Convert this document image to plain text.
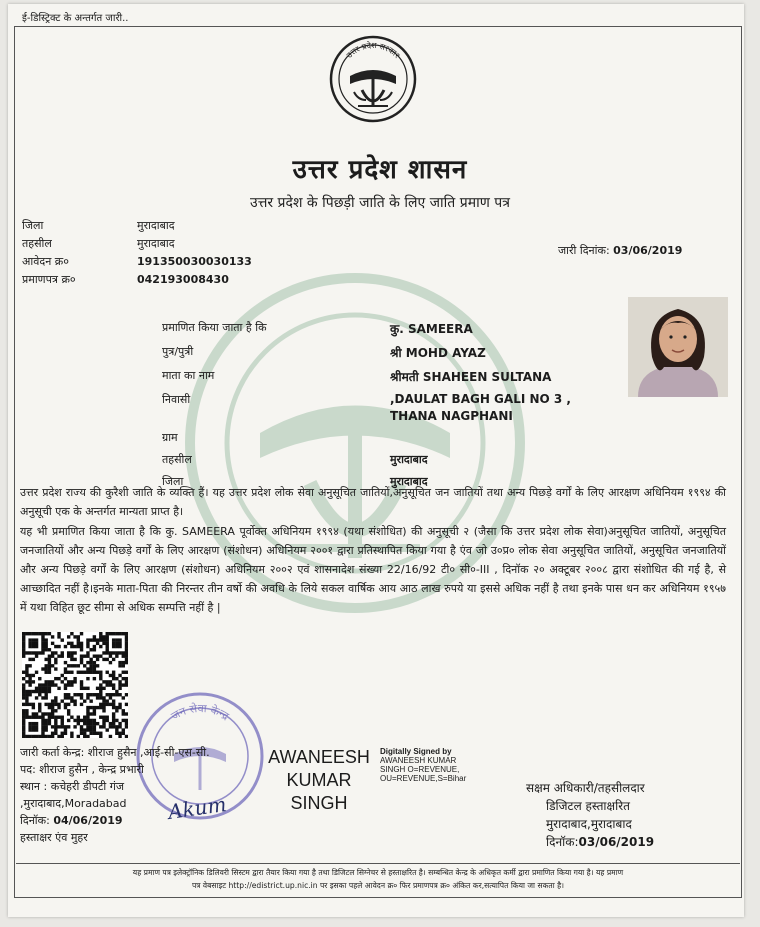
ई-डिस्ट्रिक्ट के अन्तर्गत जारी..
उत्तर प्रदेश सरकार
उत्तर प्रदेश शासन
उत्तर प्रदेश के पिछड़ी जाति के लिए जाति प्रमाण पत्र
जिला	मुरादाबाद
तहसील	मुरादाबाद
आवेदन क्र०	191350030030133
प्रमाणपत्र क्र०	042193008430
जारी दिनांक: 03/06/2019
प्रमाणित किया जाता है कि	कु. SAMEERA
पुत्र/पुत्री	श्री MOHD AYAZ
माता का नाम	श्रीमती SHAHEEN SULTANA
निवासी	,DAULAT BAGH GALI NO 3 ,
THANA NAGPHANI
ग्राम
तहसील	मुरादाबाद
जिला	मुरादाबाद
उत्तर प्रदेश राज्य की कुरैशी जाति के व्यक्ति हैं। यह उत्तर प्रदेश लोक सेवा अनुसूचित जातियों,अनुसूचित जन जातियों तथा अन्य पिछड़े वर्गों के लिए आरक्षण अधिनियम १९९४ की अनुसूची एक के अन्तर्गत मान्यता प्राप्त है।
यह भी प्रमाणित किया जाता है कि कु. SAMEERA पूर्वोक्त अधिनियम १९९४ (यथा संशोधित) की अनुसूची २ (जैसा कि उत्तर प्रदेश लोक सेवा)अनुसूचित जातियों, अनुसूचित जनजातियों और अन्य पिछड़े वर्गों के लिए आरक्षण (संशोधन) अधिनियम २००१ द्वारा प्रतिस्थापित किया गया है एंव जो उ०प्र० लोक सेवा अनुसूचित जातियों, अनुसूचित जनजातियों और अन्य पिछड़े वर्गों के लिए आरक्षण (संशोधन) अधिनियम २००२ एवं शासनादेश संख्या 22/16/92 टी० सी०-III , दिनॉक २० अक्टूबर २००८ द्वारा संशोधित की गई है, से आच्छादित नहीं है।इनके माता-पिता की निरन्तर तीन वर्षो की अवधि के लिये सकल वार्षिक आय आठ लाख रुपये या इससे अधिक नहीं है तथा इनके पास धन कर अधिनियम १९५७ में यथा विहित छूट सीमा से अधिक सम्पत्ति नहीं है |
जन सेवा केन्द्र
जारी कर्ता केन्द्र: शीराज हुसैन ,आई-सी-एस-सी.
पद: शीराज हुसैन , केन्द्र प्रभारी
स्थान : कचेहरी डीपटी गंज
,मुरादाबाद,Moradabad
दिनॉक: 04/06/2019
हस्ताक्षर एंव मुहर
Akum
AWANEESH
KUMAR
SINGH
Digitally Signed by
AWANEESH KUMAR
SINGH O=REVENUE,
OU=REVENUE,S=Bihar
सक्षम अधिकारी/तहसीलदार
डिजिटल हस्ताक्षरित
मुरादाबाद,मुरादाबाद
दिनॉक:03/06/2019
यह प्रमाण पत्र इलेक्ट्रॉनिक डिलिवरी सिस्टम द्वारा तैयार किया गया है तथा डिजिटल सिग्नेचर से हस्ताक्षरित है। सम्बन्धित केन्द्र के अधिकृत कर्मी द्वारा प्रमाणित किया गया है। यह प्रमाण
पत्र वेबसाइट http://edistrict.up.nic.in पर इसका पहले आवेदन क्र० फिर प्रमाणपत्र क्र० अंकित कर,सत्यापित किया जा सकता है।
